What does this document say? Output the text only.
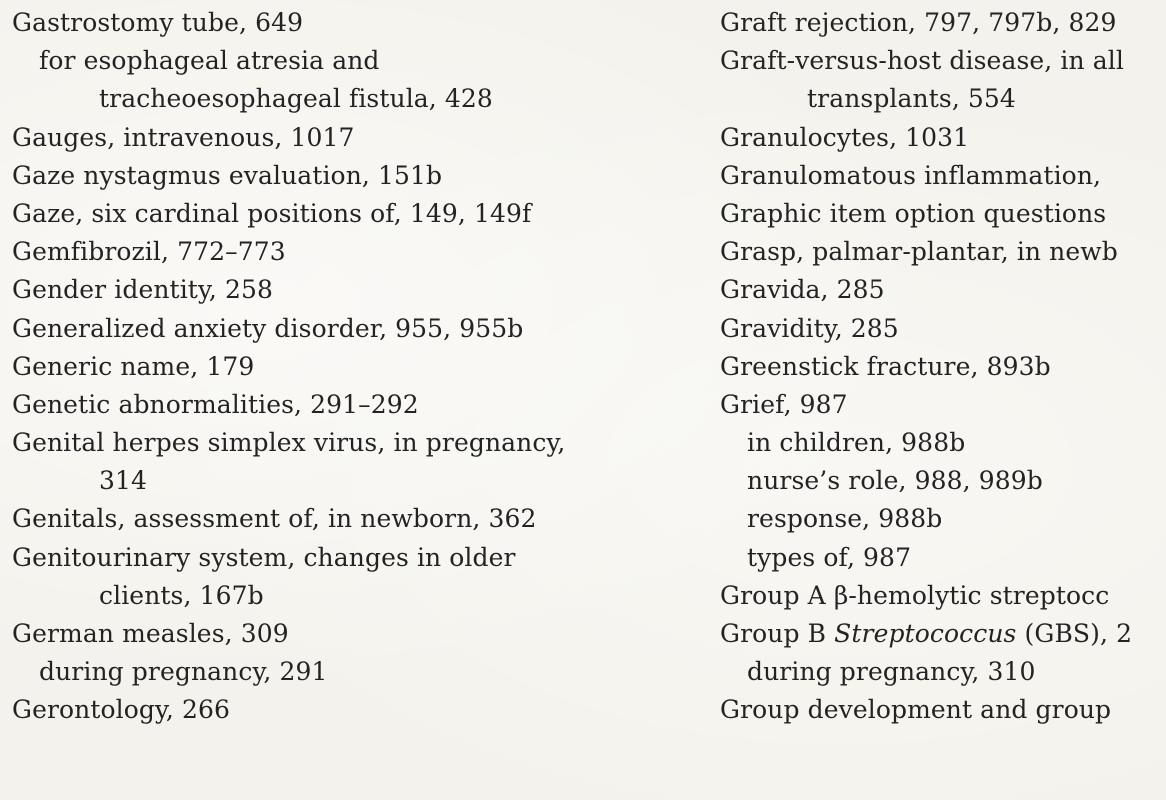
Gastrostomy tube, 649
for esophageal atresia and
tracheoesophageal fistula, 428
Gauges, intravenous, 1017
Gaze nystagmus evaluation, 151b
Gaze, six cardinal positions of, 149, 149f
Gemfibrozil, 772–773
Gender identity, 258
Generalized anxiety disorder, 955, 955b
Generic name, 179
Genetic abnormalities, 291–292
Genital herpes simplex virus, in pregnancy,
314
Genitals, assessment of, in newborn, 362
Genitourinary system, changes in older
clients, 167b
German measles, 309
during pregnancy, 291
Gerontology, 266
Graft rejection, 797, 797b, 829
Graft-versus-host disease, in all
transplants, 554
Granulocytes, 1031
Granulomatous inflammation,
Graphic item option questions
Grasp, palmar-plantar, in newb
Gravida, 285
Gravidity, 285
Greenstick fracture, 893b
Grief, 987
in children, 988b
nurse’s role, 988, 989b
response, 988b
types of, 987
Group A β-hemolytic streptocc
Group B Streptococcus (GBS), 2
during pregnancy, 310
Group development and group
